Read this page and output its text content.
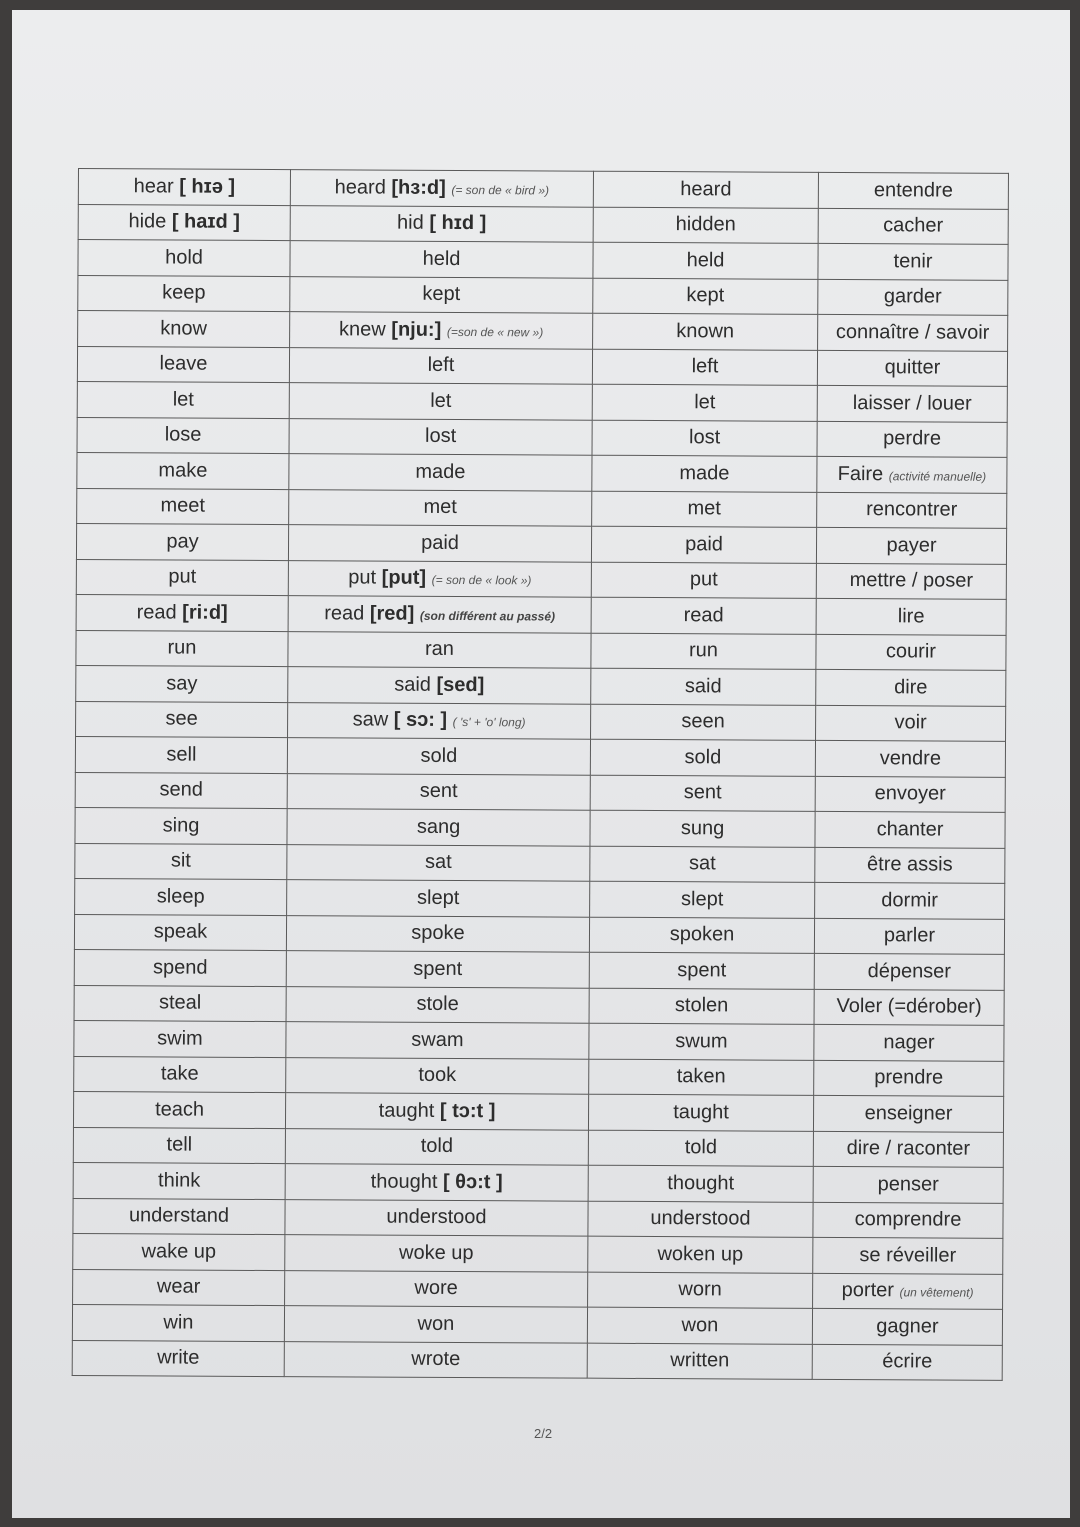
hear [ hɪə ]	heard [hɜ:d] (= son de « bird »)	heard	entendre
hide [ haɪd ]	hid [ hɪd ]	hidden	cacher
hold	held	held	tenir
keep	kept	kept	garder
know	knew [nju:] (=son de « new »)	known	connaître / savoir
leave	left	left	quitter
let	let	let	laisser / louer
lose	lost	lost	perdre
make	made	made	Faire (activité manuelle)
meet	met	met	rencontrer
pay	paid	paid	payer
put	put [put] (= son de « look »)	put	mettre / poser
read [ri:d]	read [red] (son différent au passé)	read	lire
run	ran	run	courir
say	said [sed]	said	dire
see	saw [ sɔ: ] ( 's' + 'o' long)	seen	voir
sell	sold	sold	vendre
send	sent	sent	envoyer
sing	sang	sung	chanter
sit	sat	sat	être assis
sleep	slept	slept	dormir
speak	spoke	spoken	parler
spend	spent	spent	dépenser
steal	stole	stolen	Voler (=dérober)
swim	swam	swum	nager
take	took	taken	prendre
teach	taught [ tɔ:t ]	taught	enseigner
tell	told	told	dire / raconter
think	thought [ θɔ:t ]	thought	penser
understand	understood	understood	comprendre
wake up	woke up	woken up	se réveiller
wear	wore	worn	porter (un vêtement)
win	won	won	gagner
write	wrote	written	écrire
2/2
